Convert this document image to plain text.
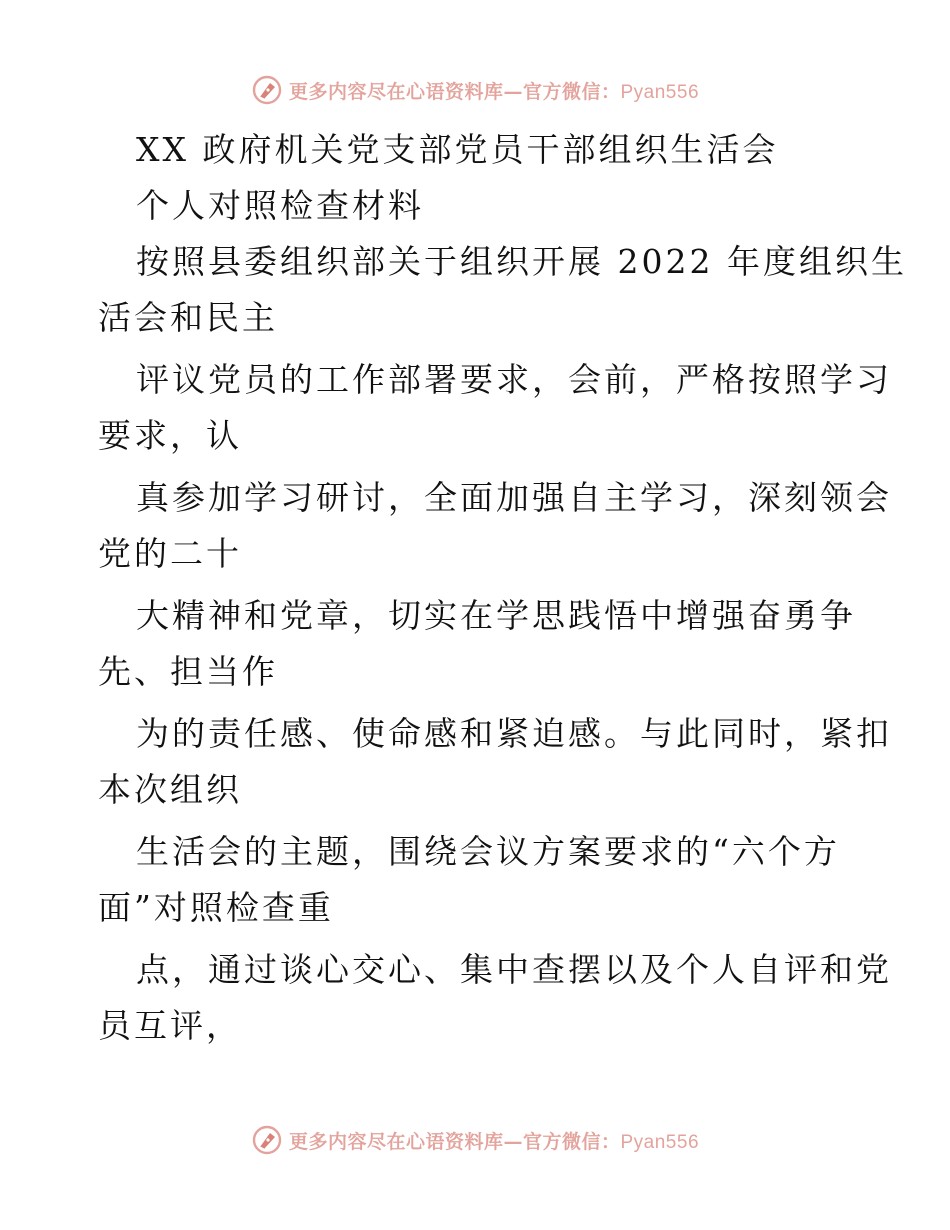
更多内容尽在心语资料库—官方微信：Pyan556
XX 政府机关党支部党员干部组织生活会
个人对照检查材料
按照县委组织部关于组织开展 2022 年度组织生
活会和民主
评议党员的工作部署要求，会前，严格按照学习
要求，认
真参加学习研讨，全面加强自主学习，深刻领会
党的二十
大精神和党章，切实在学思践悟中增强奋勇争
先、担当作
为的责任感、使命感和紧迫感。与此同时，紧扣
本次组织
生活会的主题，围绕会议方案要求的“六个方
面”对照检查重
点，通过谈心交心、集中查摆以及个人自评和党
员互评，
更多内容尽在心语资料库—官方微信：Pyan556
